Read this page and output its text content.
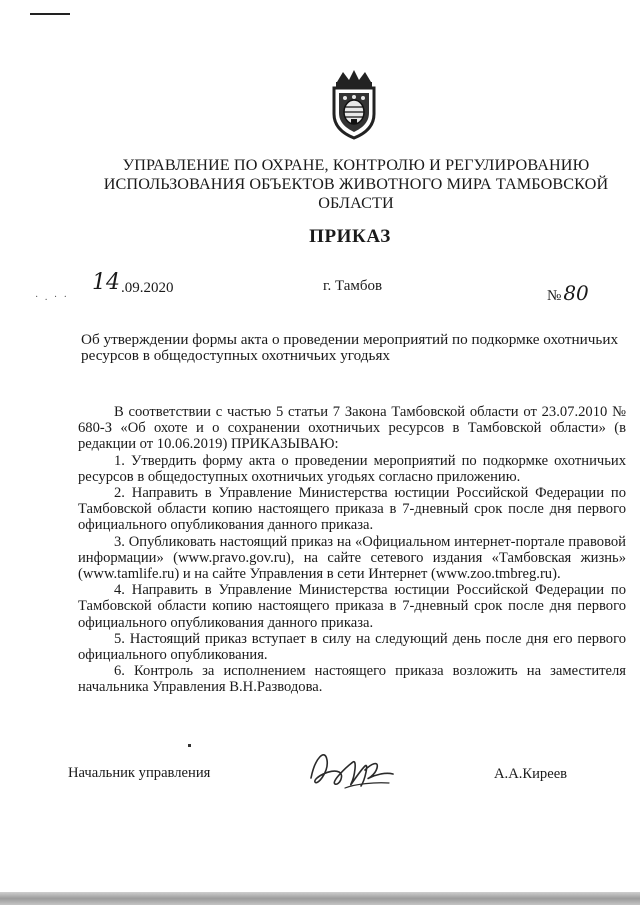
УПРАВЛЕНИЕ ПО ОХРАНЕ, КОНТРОЛЮ И РЕГУЛИРОВАНИЮ
ИСПОЛЬЗОВАНИЯ ОБЪЕКТОВ ЖИВОТНОГО МИРА ТАМБОВСКОЙ ОБЛАСТИ
ПРИКАЗ
14.09.2020
· . · ·
г. Тамбов
№ 80
Об утверждении формы акта о проведении мероприятий по подкормке охотничьих ресурсов в общедоступных охотничьих угодьях

В соответствии с частью 5 статьи 7 Закона Тамбовской области от 23.07.2010 № 680-З «Об охоте и о сохранении охотничьих ресурсов в Тамбовской области» (в редакции от 10.06.2019) ПРИКАЗЫВАЮ:

1. Утвердить форму акта о проведении мероприятий по подкормке охотничьих ресурсов в общедоступных охотничьих угодьях согласно приложению.

2. Направить в Управление Министерства юстиции Российской Федерации по Тамбовской области копию настоящего приказа в 7-дневный срок после дня первого официального опубликования данного приказа.

3. Опубликовать настоящий приказ на «Официальном интернет-портале правовой информации» (www.pravo.gov.ru), на сайте сетевого издания «Тамбовская жизнь» (www.tamlife.ru) и на сайте Управления в сети Интернет (www.zoo.tmbreg.ru).

4. Направить в Управление Министерства юстиции Российской Федерации по Тамбовской области копию настоящего приказа в 7-дневный срок после дня первого официального опубликования данного приказа.

5. Настоящий приказ вступает в силу на следующий день после дня его первого официального опубликования.

6. Контроль за исполнением настоящего приказа возложить на заместителя начальника Управления В.Н.Разводова.

Начальник управления	А.А.Киреев
